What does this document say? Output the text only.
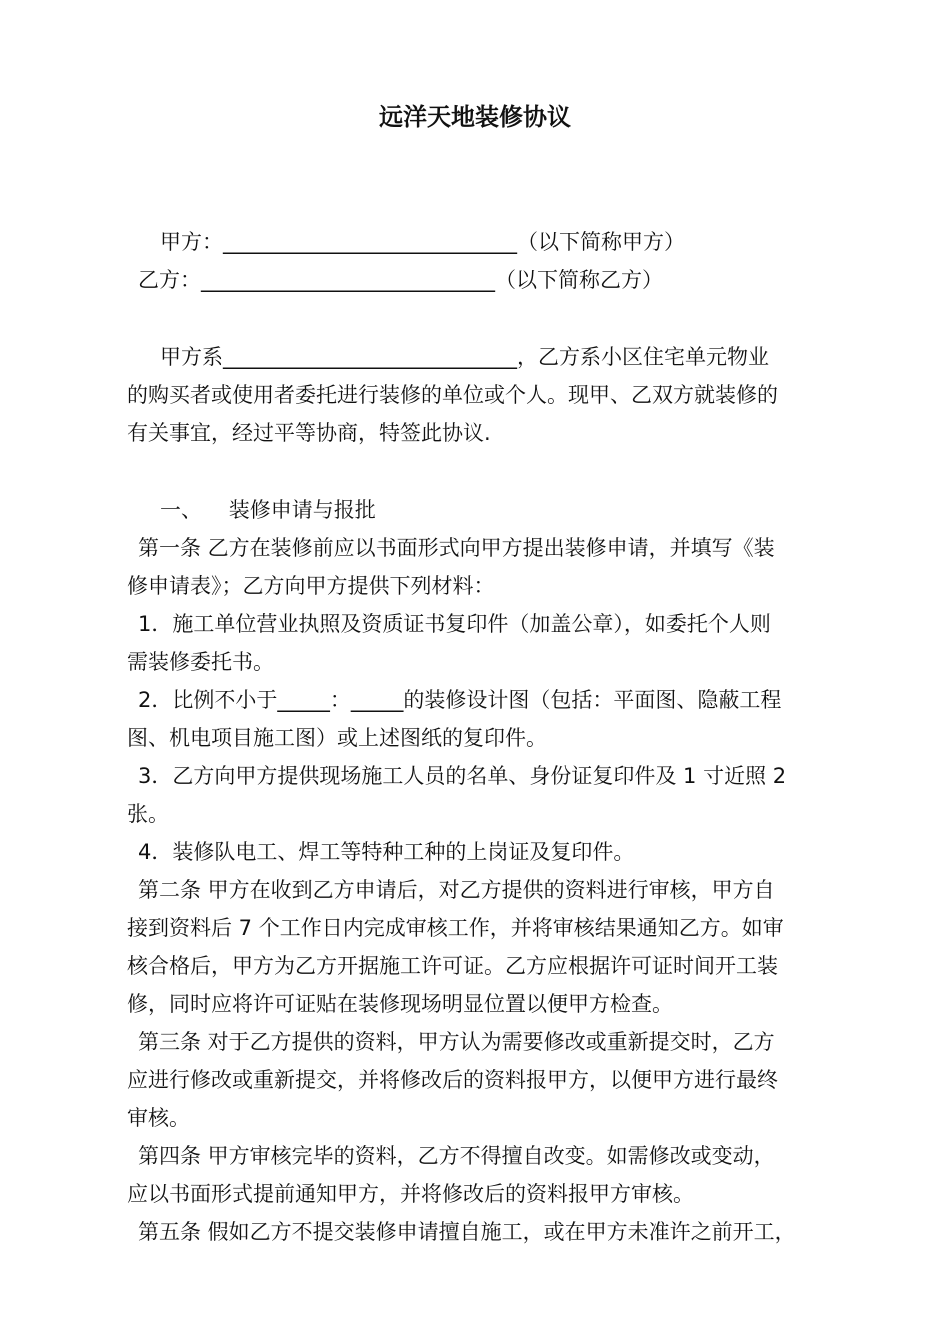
远洋天地装修协议
甲方：____________________________（以下简称甲方）
乙方：____________________________（以下简称乙方）
甲方系____________________________，乙方系小区住宅单元物业
的购买者或使用者委托进行装修的单位或个人。现甲、乙双方就装修的
有关事宜，经过平等协商，特签此协议.
一、    装修申请与报批
第一条 乙方在装修前应以书面形式向甲方提出装修申请，并填写《装
修申请表》；乙方向甲方提供下列材料：
1．施工单位营业执照及资质证书复印件（加盖公章），如委托个人则
需装修委托书。
2．比例不小于_____：_____的装修设计图（包括：平面图、隐蔽工程
图、机电项目施工图）或上述图纸的复印件。
3．乙方向甲方提供现场施工人员的名单、身份证复印件及 1 寸近照 2
张。
4．装修队电工、焊工等特种工种的上岗证及复印件。
第二条 甲方在收到乙方申请后，对乙方提供的资料进行审核，甲方自
接到资料后 7 个工作日内完成审核工作，并将审核结果通知乙方。如审
核合格后，甲方为乙方开据施工许可证。乙方应根据许可证时间开工装
修，同时应将许可证贴在装修现场明显位置以便甲方检查。
第三条 对于乙方提供的资料，甲方认为需要修改或重新提交时，乙方
应进行修改或重新提交，并将修改后的资料报甲方，以便甲方进行最终
审核。
第四条 甲方审核完毕的资料，乙方不得擅自改变。如需修改或变动，
应以书面形式提前通知甲方，并将修改后的资料报甲方审核。
第五条 假如乙方不提交装修申请擅自施工，或在甲方未准许之前开工，
